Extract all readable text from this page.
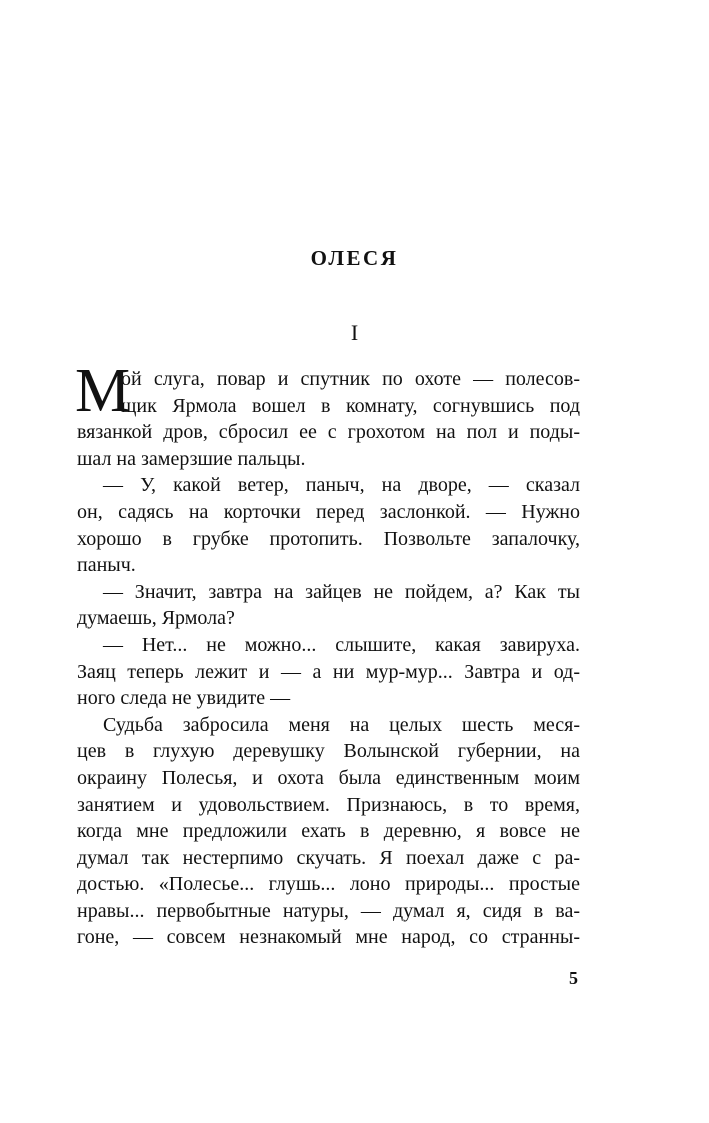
ОЛЕСЯ
I
М
ой слуга, повар и спутник по охоте — полесов-
щик Ярмола вошел в комнату, согнувшись под
вязанкой дров, сбросил ее с грохотом на пол и поды-
шал на замерзшие пальцы.
— У, какой ветер, паныч, на дворе, — сказал
он, садясь на корточки перед заслонкой. — Нужно
хорошо в грубке протопить. Позвольте запалочку,
паныч.
— Значит, завтра на зайцев не пойдем, а? Как ты
думаешь, Ярмола?
— Нет... не можно... слышите, какая завируха.
Заяц теперь лежит и — а ни мур-мур... Завтра и од-
ного следа не увидите —
Судьба забросила меня на целых шесть меся-
цев в глухую деревушку Волынской губернии, на
окраину Полесья, и охота была единственным моим
занятием и удовольствием. Признаюсь, в то время,
когда мне предложили ехать в деревню, я вовсе не
думал так нестерпимо скучать. Я поехал даже с ра-
достью. «Полесье... глушь... лоно природы... простые
нравы... первобытные натуры, — думал я, сидя в ва-
гоне, — совсем незнакомый мне народ, со странны-
5
